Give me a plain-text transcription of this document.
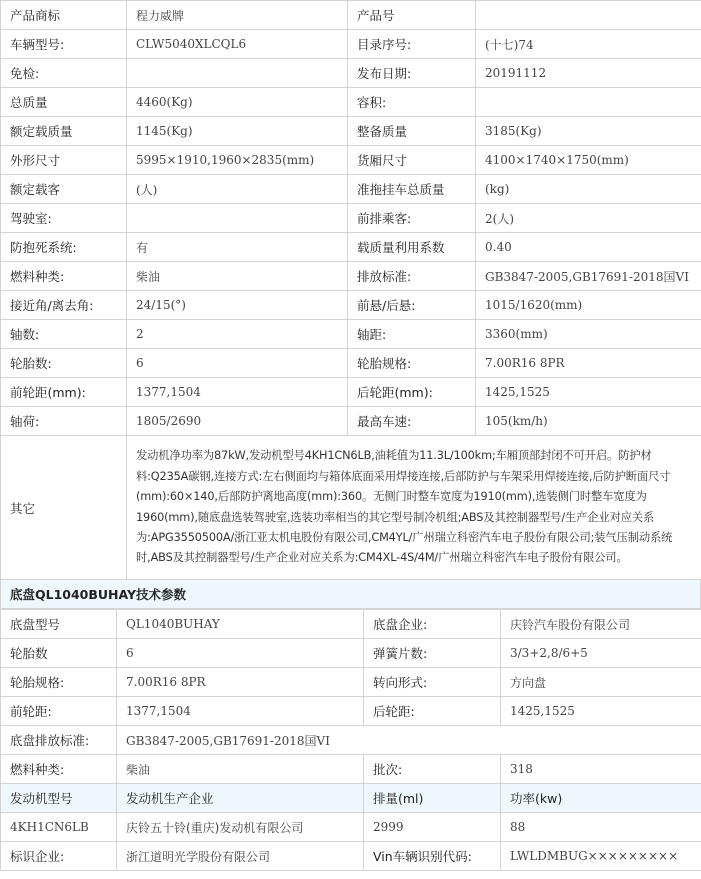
产品商标	程力威牌	产品号	
车辆型号:	CLW5040XLCQL6	目录序号:	(十七)74
免检:		发布日期:	20191112
总质量	4460(Kg)	容积:	
额定载质量	1145(Kg)	整备质量	3185(Kg)
外形尺寸	5995×1910,1960×2835(mm)	货厢尺寸	4100×1740×1750(mm)
额定载客	(人)	准拖挂车总质量	(kg)
驾驶室:		前排乘客:	2(人)
防抱死系统:	有	载质量利用系数	0.40
燃料种类:	柴油	排放标准:	GB3847-2005,GB17691-2018国VI
接近角/离去角:	24/15(°)	前悬/后悬:	1015/1620(mm)
轴数:	2	轴距:	3360(mm)
轮胎数:	6	轮胎规格:	7.00R16 8PR
前轮距(mm):	1377,1504	后轮距(mm):	1425,1525
轴荷:	1805/2690	最高车速:	105(km/h)
其它	发动机净功率为87kW,发动机型号4KH1CN6LB,油耗值为11.3L/100km;车厢顶部封闭不可开启。防护材料:Q235A碳钢,连接方式:左右侧面均与箱体底面采用焊接连接,后部防护与车架采用焊接连接,后防护断面尺寸(mm):60×140,后部防护离地高度(mm):360。无侧门时整车宽度为1910(mm),选装侧门时整车宽度为1960(mm),随底盘选装驾驶室,选装功率相当的其它型号制冷机组;ABS及其控制器型号/生产企业对应关系为:APG3550500A/浙江亚太机电股份有限公司,CM4YL/广州瑞立科密汽车电子股份有限公司;装气压制动系统时,ABS及其控制器型号/生产企业对应关系为:CM4XL-4S/4M/广州瑞立科密汽车电子股份有限公司。		
底盘QL1040BUHAY技术参数
底盘型号	QL1040BUHAY	底盘企业:	庆铃汽车股份有限公司
轮胎数	6	弹簧片数:	3/3+2,8/6+5
轮胎规格:	7.00R16 8PR	转向形式:	方向盘
前轮距:	1377,1504	后轮距:	1425,1525
底盘排放标准:	GB3847-2005,GB17691-2018国VI		
燃料种类:	柴油	批次:	318
发动机型号	发动机生产企业	排量(ml)	功率(kw)
4KH1CN6LB	庆铃五十铃(重庆)发动机有限公司	2999	88
标识企业:	浙江道明光学股份有限公司	Vin车辆识别代码:	LWLDMBUG×××××××××
